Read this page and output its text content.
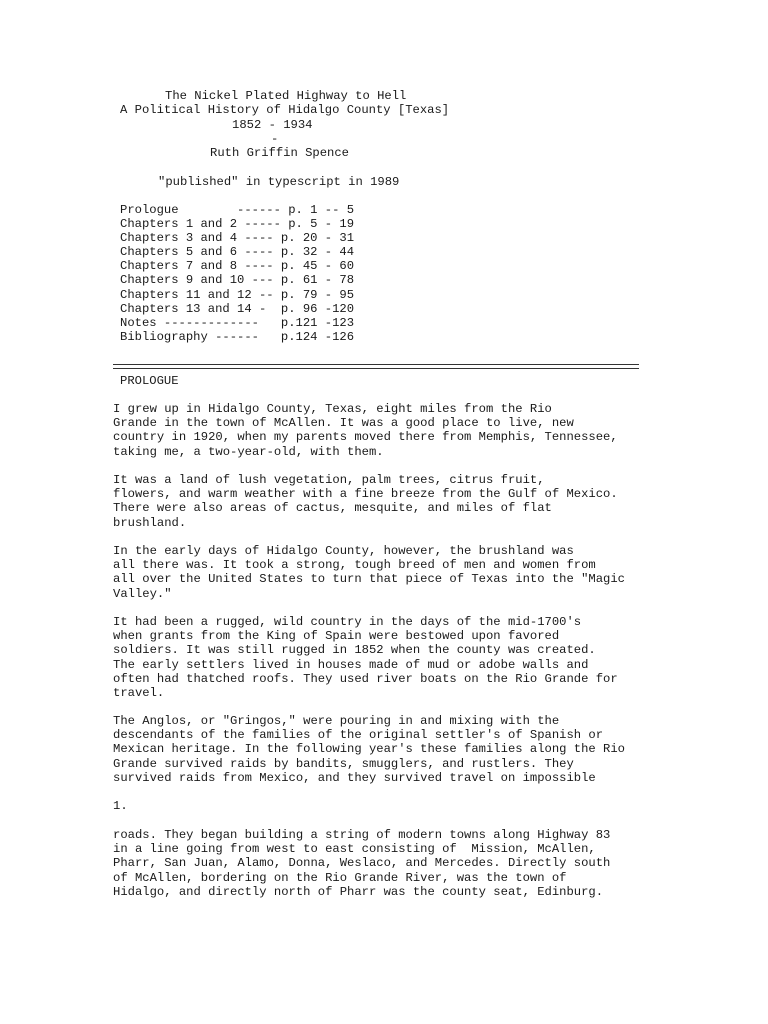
The Nickel Plated Highway to Hell
A Political History of Hidalgo County [Texas]
1852 - 1934
-
Ruth Griffin Spence
"published" in typescript in 1989
Prologue        ------ p. 1 -- 5
Chapters 1 and 2 ----- p. 5 - 19
Chapters 3 and 4 ---- p. 20 - 31
Chapters 5 and 6 ---- p. 32 - 44
Chapters 7 and 8 ---- p. 45 - 60
Chapters 9 and 10 --- p. 61 - 78
Chapters 11 and 12 -- p. 79 - 95
Chapters 13 and 14 -  p. 96 -120
Notes -------------   p.121 -123
Bibliography ------   p.124 -126
PROLOGUE
I grew up in Hidalgo County, Texas, eight miles from the Rio
Grande in the town of McAllen. It was a good place to live, new
country in 1920, when my parents moved there from Memphis, Tennessee,
taking me, a two-year-old, with them.
It was a land of lush vegetation, palm trees, citrus fruit,
flowers, and warm weather with a fine breeze from the Gulf of Mexico.
There were also areas of cactus, mesquite, and miles of flat
brushland.
In the early days of Hidalgo County, however, the brushland was
all there was. It took a strong, tough breed of men and women from
all over the United States to turn that piece of Texas into the "Magic
Valley."
It had been a rugged, wild country in the days of the mid-1700's
when grants from the King of Spain were bestowed upon favored
soldiers. It was still rugged in 1852 when the county was created.
The early settlers lived in houses made of mud or adobe walls and
often had thatched roofs. They used river boats on the Rio Grande for
travel.
The Anglos, or "Gringos," were pouring in and mixing with the
descendants of the families of the original settler's of Spanish or
Mexican heritage. In the following year's these families along the Rio
Grande survived raids by bandits, smugglers, and rustlers. They
survived raids from Mexico, and they survived travel on impossible
1.
roads. They began building a string of modern towns along Highway 83
in a line going from west to east consisting of  Mission, McAllen,
Pharr, San Juan, Alamo, Donna, Weslaco, and Mercedes. Directly south
of McAllen, bordering on the Rio Grande River, was the town of
Hidalgo, and directly north of Pharr was the county seat, Edinburg.
